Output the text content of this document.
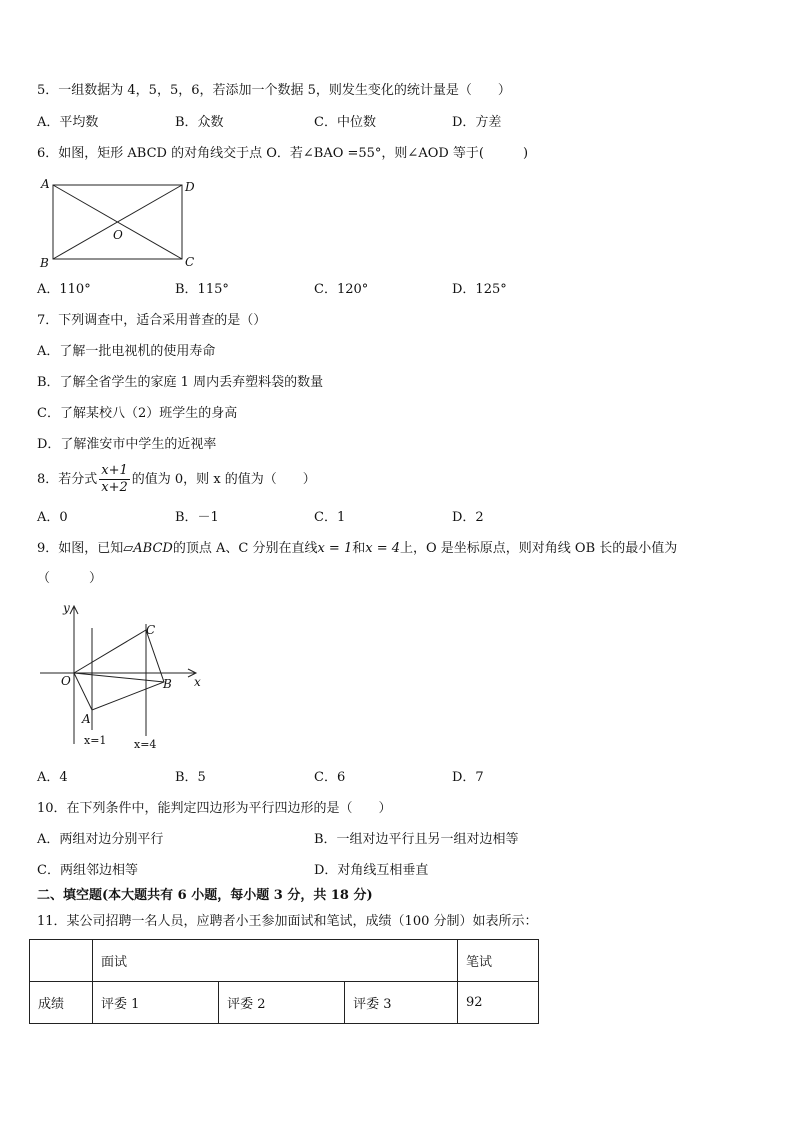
5．一组数据为 4，5，5，6，若添加一个数据 5，则发生变化的统计量是（　　）
A．平均数	B．众数	C．中位数	D．方差
6．如图，矩形 ABCD 的对角线交于点 O．若∠BAO =55°，则∠AOD 等于(　　　)
A	D
B	C
O
A．110°	B．115°	C．120°	D．125°
7．下列调查中，适合采用普查的是（）
A．了解一批电视机的使用寿命
B．了解全省学生的家庭 1 周内丢弃塑料袋的数量
C．了解某校八（2）班学生的身高
D．了解淮安市中学生的近视率
8．若分式 $\frac{x+1}{x+2}$ 的值为 0，则 x 的值为（　　）
A．0	B．－1	C．1	D．2
9．如图，已知▱ABCD的顶点 A、C 分别在直线x = 1和x = 4上，O 是坐标原点，则对角线 OB 长的最小值为
（　　　）
y
x
O
C
B
A
x=1	x=4
A．4	B．5	C．6	D．7
10．在下列条件中，能判定四边形为平行四边形的是（　　）
A．两组对边分别平行	B．一组对边平行且另一组对边相等
C．两组邻边相等	D．对角线互相垂直
二、填空题(本大题共有 6 小题，每小题 3 分，共 18 分)
11．某公司招聘一名人员，应聘者小王参加面试和笔试，成绩（100 分制）如表所示：
	面试			笔试
成绩	评委 1	评委 2	评委 3	92
